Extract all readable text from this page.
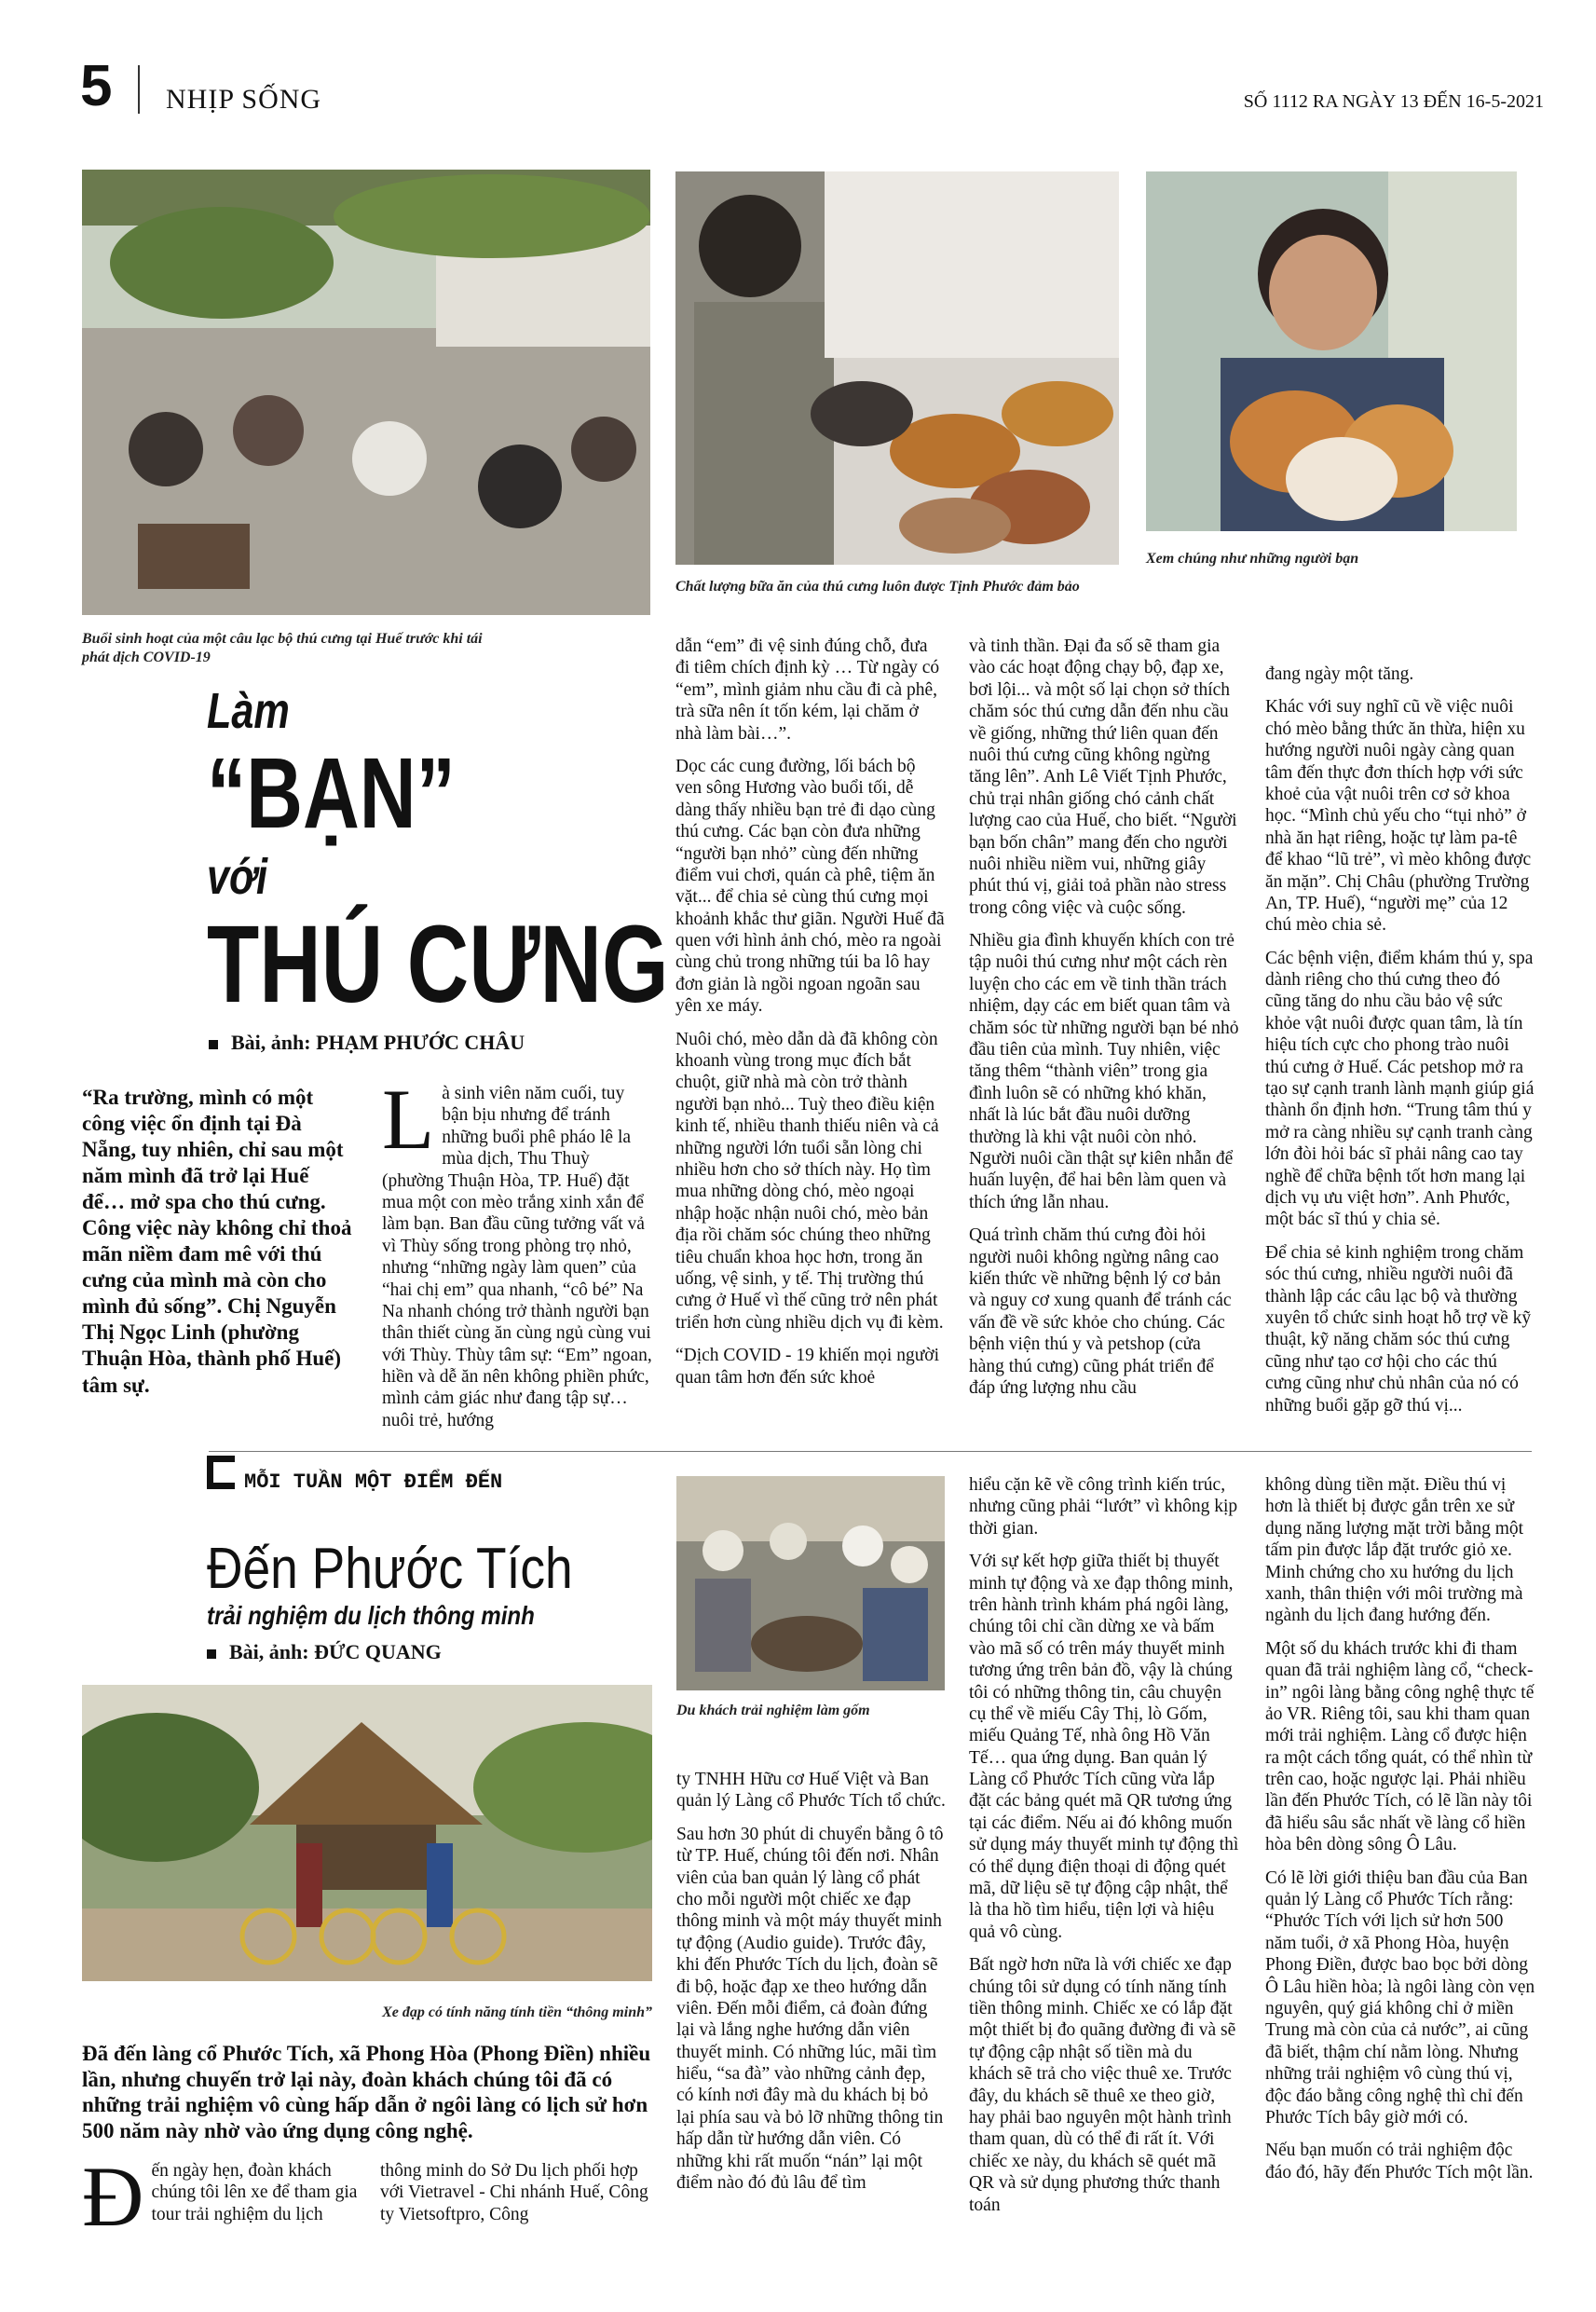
5 NHỊP SỐNG	SỐ 1112 RA NGÀY 13 ĐẾN 16-5-2021
Buổi sinh hoạt của một câu lạc bộ thú cưng tại Huế trước khi tái phát dịch COVID-19
Chất lượng bữa ăn của thú cưng luôn được Tịnh Phước đảm bảo
Xem chúng như những người bạn
Làm
“BẠN”
với
THÚ CƯNG
Bài, ảnh: PHẠM PHƯỚC CHÂU
“Ra trường, mình có một công việc ổn định tại Đà Nẵng, tuy nhiên, chỉ sau một năm mình đã trở lại Huế để… mở spa cho thú cưng. Công việc này không chỉ thoả mãn niềm đam mê với thú cưng của mình mà còn cho mình đủ sống”. Chị Nguyễn Thị Ngọc Linh (phường Thuận Hòa, thành phố Huế) tâm sự.

Là sinh viên năm cuối, tuy bận bịu nhưng để tránh những buổi phê pháo lê la mùa dịch, Thu Thuỳ (phường Thuận Hòa, TP. Huế) đặt mua một con mèo trắng xinh xắn để làm bạn. Ban đầu cũng tưởng vất vả vì Thùy sống trong phòng trọ nhỏ, nhưng “những ngày làm quen” của “hai chị em” qua nhanh, “cô bé” Na Na nhanh chóng trở thành người bạn thân thiết cùng ăn cùng ngủ cùng vui với Thùy. Thùy tâm sự: “Em” ngoan, hiền và dễ ăn nên không phiền phức, mình cảm giác như đang tập sự… nuôi trẻ, hướng

dẫn “em” đi vệ sinh đúng chỗ, đưa đi tiêm chích định kỳ … Từ ngày có “em”, mình giảm nhu cầu đi cà phê, trà sữa nên ít tốn kém, lại chăm ở nhà làm bài…”.

Dọc các cung đường, lối bách bộ ven sông Hương vào buổi tối, dễ dàng thấy nhiều bạn trẻ đi dạo cùng thú cưng. Các bạn còn đưa những “người bạn nhỏ” cùng đến những điểm vui chơi, quán cà phê, tiệm ăn vặt... để chia sẻ cùng thú cưng mọi khoảnh khắc thư giãn. Người Huế đã quen với hình ảnh chó, mèo ra ngoài cùng chủ trong những túi ba lô hay đơn giản là ngồi ngoan ngoãn sau yên xe máy.

Nuôi chó, mèo dẫn dà đã không còn khoanh vùng trong mục đích bắt chuột, giữ nhà mà còn trở thành người bạn nhỏ... Tuỳ theo điều kiện kinh tế, nhiều thanh thiếu niên và cả những người lớn tuổi sẵn lòng chi nhiều hơn cho sở thích này. Họ tìm mua những dòng chó, mèo ngoại nhập hoặc nhận nuôi chó, mèo bản địa rồi chăm sóc chúng theo những tiêu chuẩn khoa học hơn, trong ăn uống, vệ sinh, y tế. Thị trường thú cưng ở Huế vì thế cũng trở nên phát triển hơn cùng nhiều dịch vụ đi kèm.

“Dịch COVID - 19 khiến mọi người quan tâm hơn đến sức khoẻ

và tinh thần. Đại đa số sẽ tham gia vào các hoạt động chạy bộ, đạp xe, bơi lội... và một số lại chọn sở thích chăm sóc thú cưng dẫn đến nhu cầu về giống, những thứ liên quan đến nuôi thú cưng cũng không ngừng tăng lên”. Anh Lê Viết Tịnh Phước, chủ trại nhân giống chó cảnh chất lượng cao của Huế, cho biết. “Người bạn bốn chân” mang đến cho người nuôi nhiều niềm vui, những giây phút thú vị, giải toả phần nào stress trong công việc và cuộc sống.

Nhiều gia đình khuyến khích con trẻ tập nuôi thú cưng như một cách rèn luyện cho các em về tinh thần trách nhiệm, dạy các em biết quan tâm và chăm sóc từ những người bạn bé nhỏ đầu tiên của mình. Tuy nhiên, việc tăng thêm “thành viên” trong gia đình luôn sẽ có những khó khăn, nhất là lúc bắt đầu nuôi dưỡng thường là khi vật nuôi còn nhỏ. Người nuôi cần thật sự kiên nhẫn để huấn luyện, để hai bên làm quen và thích ứng lẫn nhau.

Quá trình chăm thú cưng đòi hỏi người nuôi không ngừng nâng cao kiến thức về những bệnh lý cơ bản và nguy cơ xung quanh để tránh các vấn đề về sức khỏe cho chúng. Các bệnh viện thú y và petshop (cửa hàng thú cưng) cũng phát triển để đáp ứng lượng nhu cầu

đang ngày một tăng.

Khác với suy nghĩ cũ về việc nuôi chó mèo bằng thức ăn thừa, hiện xu hướng người nuôi ngày càng quan tâm đến thực đơn thích hợp với sức khoẻ của vật nuôi trên cơ sở khoa học. “Mình chủ yếu cho “tụi nhỏ” ở nhà ăn hạt riêng, hoặc tự làm pa-tê để khao “lũ trẻ”, vì mèo không được ăn mặn”. Chị Châu (phường Trường An, TP. Huế), “người mẹ” của 12 chú mèo chia sẻ.

Các bệnh viện, điểm khám thú y, spa dành riêng cho thú cưng theo đó cũng tăng do nhu cầu bảo vệ sức khỏe vật nuôi được quan tâm, là tín hiệu tích cực cho phong trào nuôi thú cưng ở Huế. Các petshop mở ra tạo sự cạnh tranh lành mạnh giúp giá thành ổn định hơn. “Trung tâm thú y mở ra càng nhiều sự cạnh tranh càng lớn đòi hỏi bác sĩ phải nâng cao tay nghề để chữa bệnh tốt hơn mang lại dịch vụ ưu việt hơn”. Anh Phước, một bác sĩ thú y chia sẻ.

Để chia sẻ kinh nghiệm trong chăm sóc thú cưng, nhiều người nuôi đã thành lập các câu lạc bộ và thường xuyên tổ chức sinh hoạt hỗ trợ về kỹ thuật, kỹ năng chăm sóc thú cưng cũng như tạo cơ hội cho các thú cưng cũng như chủ nhân của nó có những buổi gặp gỡ thú vị...

MỖI TUẦN MỘT ĐIỂM ĐẾN
Đến Phước Tích
trải nghiệm du lịch thông minh
Bài, ảnh: ĐỨC QUANG
Xe đạp có tính năng tính tiền “thông minh”
Đã đến làng cổ Phước Tích, xã Phong Hòa (Phong Điền) nhiều lần, nhưng chuyến trở lại này, đoàn khách chúng tôi đã có những trải nghiệm vô cùng hấp dẫn ở ngôi làng có lịch sử hơn 500 năm này nhờ vào ứng dụng công nghệ.

Đến ngày hẹn, đoàn khách chúng tôi lên xe để tham gia tour trải nghiệm du lịch

thông minh do Sở Du lịch phối hợp với Vietravel - Chi nhánh Huế, Công ty Vietsoftpro, Công

Du khách trải nghiệm làm gốm

ty TNHH Hữu cơ Huế Việt và Ban quản lý Làng cổ Phước Tích tổ chức.

Sau hơn 30 phút di chuyển bằng ô tô từ TP. Huế, chúng tôi đến nơi. Nhân viên của ban quản lý làng cổ phát cho mỗi người một chiếc xe đạp thông minh và một máy thuyết minh tự động (Audio guide). Trước đây, khi đến Phước Tích du lịch, đoàn sẽ đi bộ, hoặc đạp xe theo hướng dẫn viên. Đến mỗi điểm, cả đoàn đứng lại và lắng nghe hướng dẫn viên thuyết minh. Có những lúc, mãi tìm hiểu, “sa đà” vào những cảnh đẹp, có kính nơi đây mà du khách bị bỏ lại phía sau và bỏ lỡ những thông tin hấp dẫn từ hướng dẫn viên. Có những khi rất muốn “nán” lại một điểm nào đó đủ lâu để tìm

hiểu cặn kẽ về công trình kiến trúc, nhưng cũng phải “lướt” vì không kịp thời gian.

Với sự kết hợp giữa thiết bị thuyết minh tự động và xe đạp thông minh, trên hành trình khám phá ngôi làng, chúng tôi chỉ cần dừng xe và bấm vào mã số có trên máy thuyết minh tương ứng trên bản đồ, vậy là chúng tôi có những thông tin, câu chuyện cụ thể về miếu Cây Thị, lò Gốm, miếu Quảng Tế, nhà ông Hồ Văn Tế… qua ứng dụng. Ban quản lý Làng cổ Phước Tích cũng vừa lắp đặt các bảng quét mã QR tương ứng tại các điểm. Nếu ai đó không muốn sử dụng máy thuyết minh tự động thì có thể dụng điện thoại di động quét mã, dữ liệu sẽ tự động cập nhật, thể là tha hồ tìm hiểu, tiện lợi và hiệu quả vô cùng.

Bất ngờ hơn nữa là với chiếc xe đạp chúng tôi sử dụng có tính năng tính tiền thông minh. Chiếc xe có lắp đặt một thiết bị đo quãng đường đi và sẽ tự động cập nhật số tiền mà du khách sẽ trả cho việc thuê xe. Trước đây, du khách sẽ thuê xe theo giờ, hay phải bao nguyên một hành trình tham quan, dù có thể đi rất ít. Với chiếc xe này, du khách sẽ quét mã QR và sử dụng phương thức thanh toán

không dùng tiền mặt. Điều thú vị hơn là thiết bị được gắn trên xe sử dụng năng lượng mặt trời bằng một tấm pin được lắp đặt trước giỏ xe. Minh chứng cho xu hướng du lịch xanh, thân thiện với môi trường mà ngành du lịch đang hướng đến.

Một số du khách trước khi đi tham quan đã trải nghiệm làng cổ, “check-in” ngôi làng bằng công nghệ thực tế ảo VR. Riêng tôi, sau khi tham quan mới trải nghiệm. Làng cổ được hiện ra một cách tổng quát, có thể nhìn từ trên cao, hoặc ngược lại. Phải nhiều lần đến Phước Tích, có lẽ lần này tôi đã hiểu sâu sắc nhất về làng cổ hiền hòa bên dòng sông Ô Lâu.

Có lẽ lời giới thiệu ban đầu của Ban quản lý Làng cổ Phước Tích rằng: “Phước Tích với lịch sử hơn 500 năm tuổi, ở xã Phong Hòa, huyện Phong Điền, được bao bọc bởi dòng Ô Lâu hiền hòa; là ngôi làng còn vẹn nguyên, quý giá không chỉ ở miền Trung mà còn của cả nước”, ai cũng đã biết, thậm chí nằm lòng. Nhưng những trải nghiệm vô cùng thú vị, độc đáo bằng công nghệ thì chỉ đến Phước Tích bây giờ mới có.

Nếu bạn muốn có trải nghiệm độc đáo đó, hãy đến Phước Tích một lần.
